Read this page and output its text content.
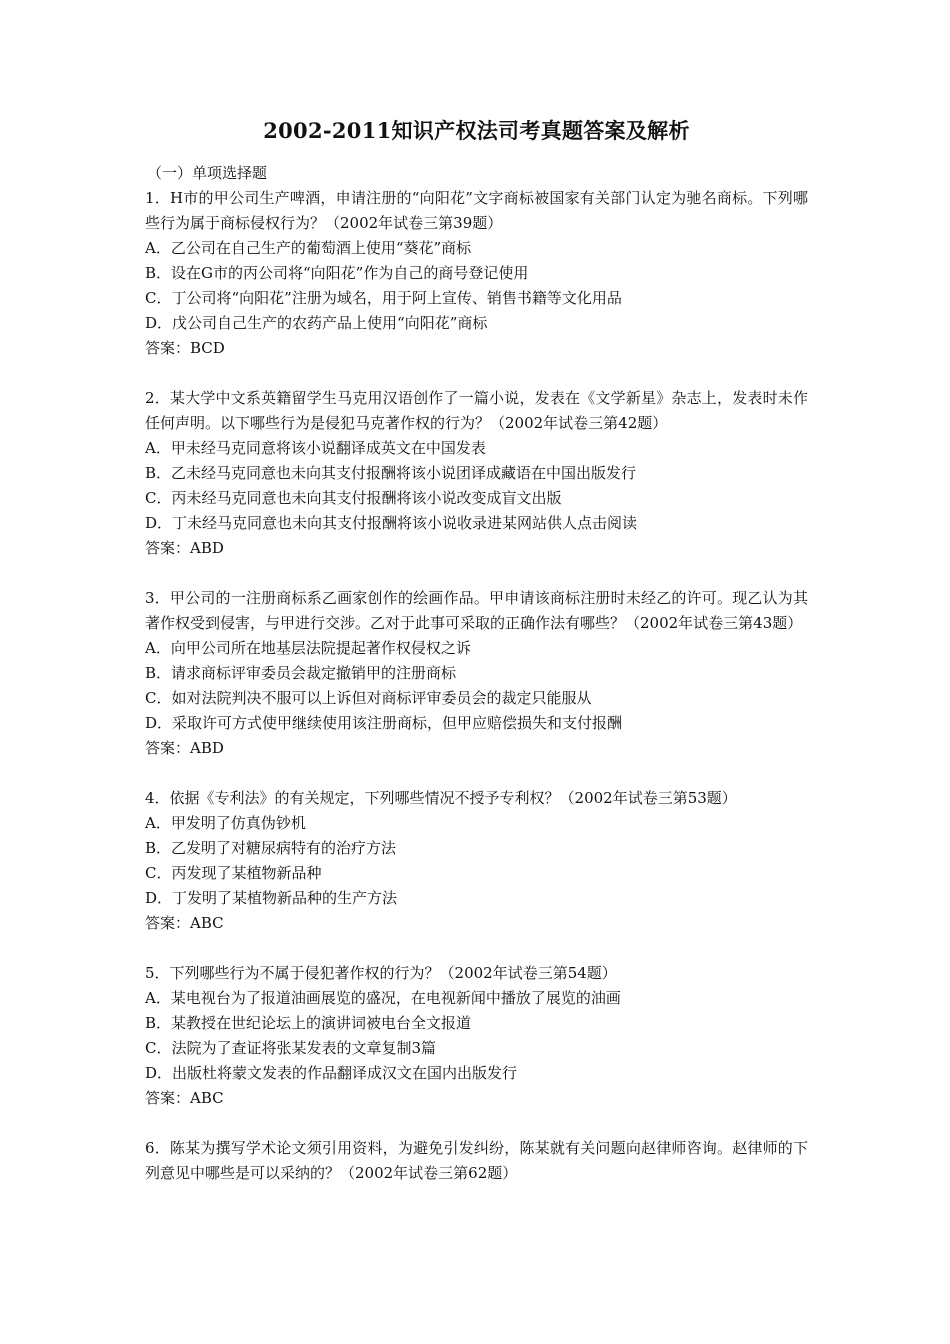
2002-2011知识产权法司考真题答案及解析

（一）单项选择题

1．H市的甲公司生产啤酒，申请注册的“向阳花”文字商标被国家有关部门认定为驰名商标。下列哪些行为属于商标侵权行为？（2002年试卷三第39题）

A．乙公司在自己生产的葡萄酒上使用“葵花”商标

B．设在G市的丙公司将“向阳花”作为自己的商号登记使用

C．丁公司将“向阳花”注册为域名，用于阿上宣传、销售书籍等文化用品

D．戊公司自己生产的农药产品上使用“向阳花”商标

答案：BCD

2．某大学中文系英籍留学生马克用汉语创作了一篇小说，发表在《文学新星》杂志上，发表时未作任何声明。以下哪些行为是侵犯马克著作权的行为？（2002年试卷三第42题）

A．甲未经马克同意将该小说翻译成英文在中国发表

B．乙未经马克同意也未向其支付报酬将该小说团译成藏语在中国出版发行

C．丙未经马克同意也未向其支付报酬将该小说改变成盲文出版

D．丁未经马克同意也未向其支付报酬将该小说收录进某网站供人点击阅读

答案：ABD

3．甲公司的一注册商标系乙画家创作的绘画作品。甲申请该商标注册时未经乙的许可。现乙认为其著作权受到侵害，与甲进行交涉。乙对于此事可采取的正确作法有哪些？（2002年试卷三第43题）

A．向甲公司所在地基层法院提起著作权侵权之诉

B．请求商标评审委员会裁定撤销甲的注册商标

C．如对法院判决不服可以上诉但对商标评审委员会的裁定只能服从

D．采取许可方式使甲继续使用该注册商标，但甲应赔偿损失和支付报酬

答案：ABD

4．依据《专利法》的有关规定，下列哪些情况不授予专利权？（2002年试卷三第53题）

A．甲发明了仿真伪钞机

B．乙发明了对糖尿病特有的治疗方法

C．丙发现了某植物新品种

D．丁发明了某植物新品种的生产方法

答案：ABC

5．下列哪些行为不属于侵犯著作权的行为？（2002年试卷三第54题）

A．某电视台为了报道油画展览的盛况，在电视新闻中播放了展览的油画

B．某教授在世纪论坛上的演讲词被电台全文报道

C．法院为了查证将张某发表的文章复制3篇

D．出版杜将蒙文发表的作品翻译成汉文在国内出版发行

答案：ABC

6．陈某为撰写学术论文须引用资料，为避免引发纠纷，陈某就有关问题向赵律师咨询。赵律师的下列意见中哪些是可以采纳的？（2002年试卷三第62题）
